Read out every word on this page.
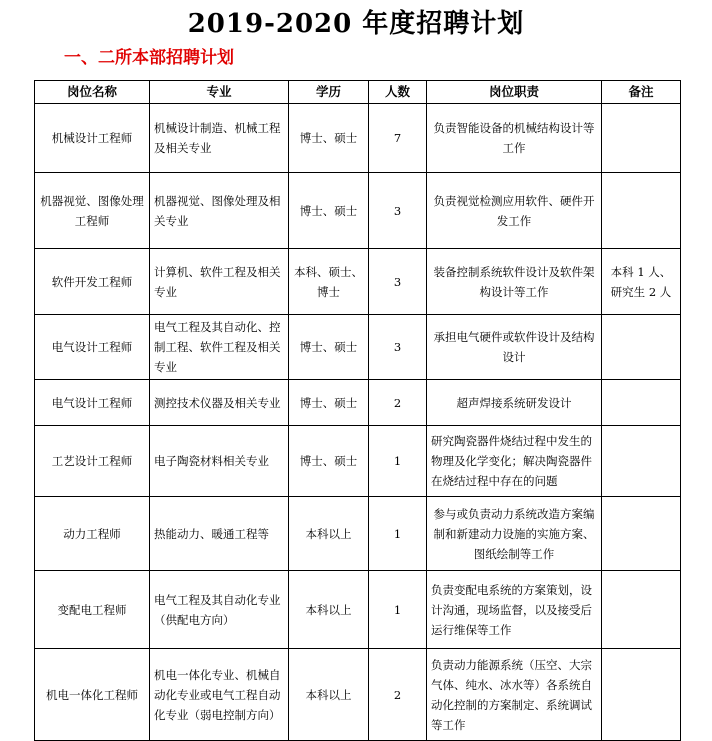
2019-2020 年度招聘计划
一、二所本部招聘计划
岗位名称	专业	学历	人数	岗位职责	备注
机械设计工程师	机械设计制造、机械工程及相关专业	博士、硕士	7	负责智能设备的机械结构设计等工作	
机器视觉、图像处理工程师	机器视觉、图像处理及相关专业	博士、硕士	3	负责视觉检测应用软件、硬件开发工作	
软件开发工程师	计算机、软件工程及相关专业	本科、硕士、博士	3	装备控制系统软件设计及软件架构设计等工作	本科 1 人、研究生 2 人
电气设计工程师	电气工程及其自动化、控制工程、软件工程及相关专业	博士、硕士	3	承担电气硬件或软件设计及结构设计	
电气设计工程师	测控技术仪器及相关专业	博士、硕士	2	超声焊接系统研发设计	
工艺设计工程师	电子陶瓷材料相关专业	博士、硕士	1	研究陶瓷器件烧结过程中发生的物理及化学变化；解决陶瓷器件在烧结过程中存在的问题	
动力工程师	热能动力、暖通工程等	本科以上	1	参与或负责动力系统改造方案编制和新建动力设施的实施方案、图纸绘制等工作	
变配电工程师	电气工程及其自动化专业（供配电方向）	本科以上	1	负责变配电系统的方案策划，设计沟通，现场监督，以及接受后运行维保等工作	
机电一体化工程师	机电一体化专业、机械自动化专业或电气工程自动化专业（弱电控制方向）	本科以上	2	负责动力能源系统（压空、大宗气体、纯水、冰水等）各系统自动化控制的方案制定、系统调试等工作	
